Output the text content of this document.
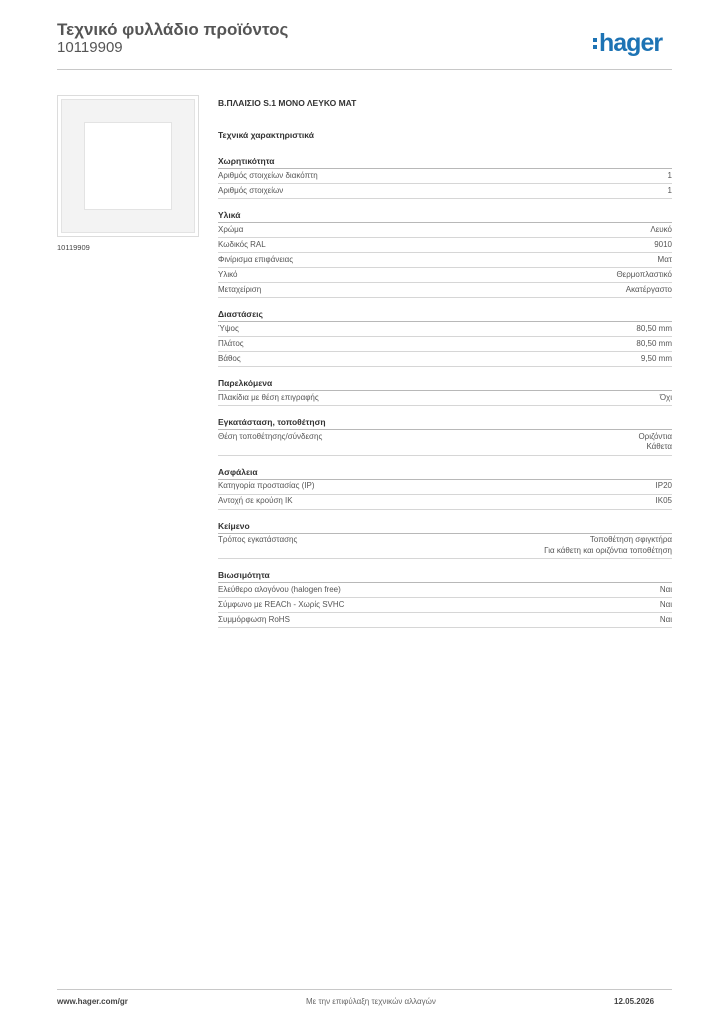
Τεχνικό φυλλάδιο προϊόντος
10119909	hager
10119909
Β.ΠΛΑΙΣΙΟ S.1 ΜΟΝΟ ΛΕΥΚΟ ΜΑΤ
Τεχνικά χαρακτηριστικά
Χωρητικότητα
Αριθμός στοιχείων διακόπτη	1
Αριθμός στοιχείων	1
Υλικά
Χρώμα	Λευκό
Κωδικός RAL	9010
Φινίρισμα επιφάνειας	Ματ
Υλικό	Θερμοπλαστικό
Μεταχείριση	Ακατέργαστο
Διαστάσεις
Ύψος	80,50 mm
Πλάτος	80,50 mm
Βάθος	9,50 mm
Παρελκόμενα
Πλακίδια με θέση επιγραφής	Όχι
Εγκατάσταση, τοποθέτηση
Θέση τοποθέτησης/σύνδεσης	Οριζόντια
Κάθετα
Ασφάλεια
Κατηγορία προστασίας (IP)	IP20
Αντοχή σε κρούση IK	IK05
Κείμενο
Τρόπος εγκατάστασης	Τοποθέτηση σφιγκτήρα
Για κάθετη και οριζόντια τοποθέτηση
Βιωσιμότητα
Ελεύθερο αλογόνου (halogen free)	Ναι
Σύμφωνο με REACh - Χωρίς SVHC	Ναι
Συμμόρφωση RoHS	Ναι
www.hager.com/gr	Με την επιφύλαξη τεχνικών αλλαγών	12.05.2026
